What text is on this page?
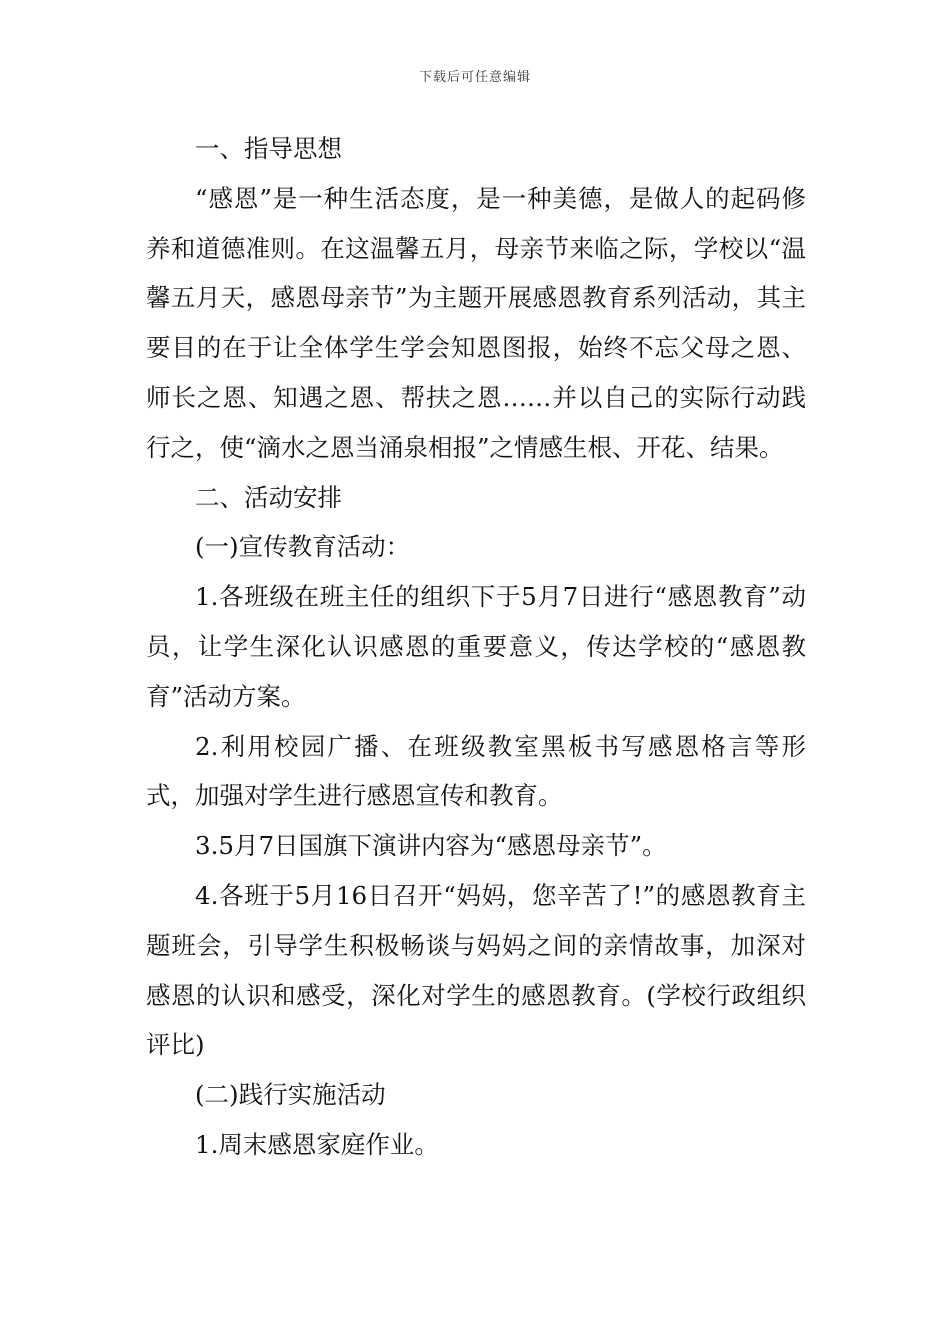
下载后可任意编辑

一、指导思想

“感恩”是一种生活态度，是一种美德，是做人的起码修养和道德准则。在这温馨五月，母亲节来临之际，学校以“温馨五月天，感恩母亲节”为主题开展感恩教育系列活动，其主要目的在于让全体学生学会知恩图报，始终不忘父母之恩、师长之恩、知遇之恩、帮扶之恩……并以自己的实际行动践行之，使“滴水之恩当涌泉相报”之情感生根、开花、结果。

二、活动安排

(一)宣传教育活动：

1.各班级在班主任的组织下于5月7日进行“感恩教育”动员，让学生深化认识感恩的重要意义，传达学校的“感恩教育”活动方案。

2.利用校园广播、在班级教室黑板书写感恩格言等形式，加强对学生进行感恩宣传和教育。

3.5月7日国旗下演讲内容为“感恩母亲节”。

4.各班于5月16日召开“妈妈，您辛苦了!”的感恩教育主题班会，引导学生积极畅谈与妈妈之间的亲情故事，加深对感恩的认识和感受，深化对学生的感恩教育。(学校行政组织评比)

(二)践行实施活动

1.周末感恩家庭作业。
